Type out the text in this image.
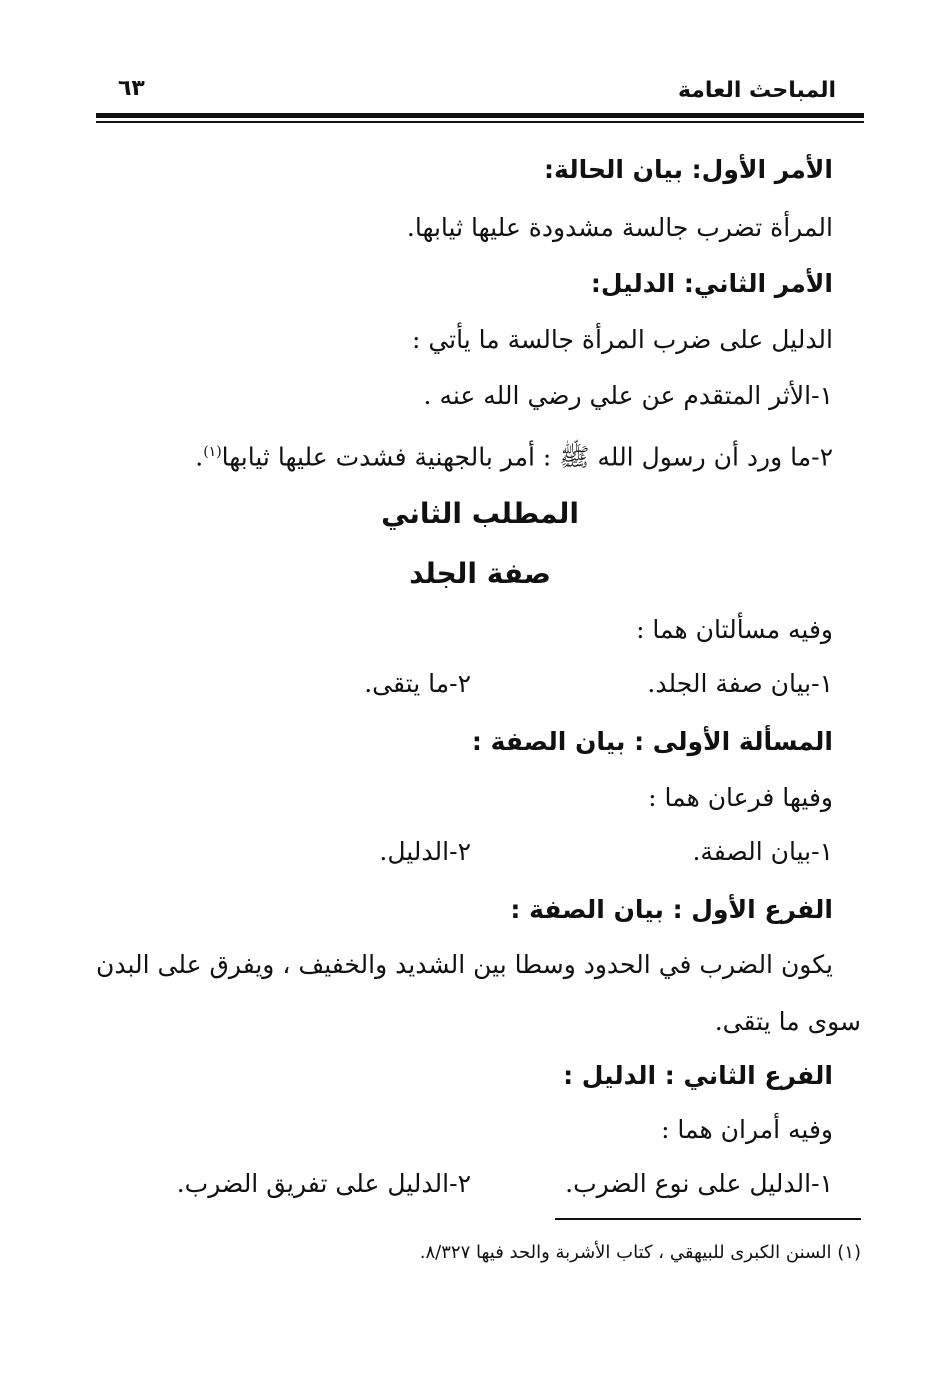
المباحث العامة
٦٣
الأمر الأول: بيان الحالة:
المرأة تضرب جالسة مشدودة عليها ثيابها.
الأمر الثاني: الدليل:
الدليل على ضرب المرأة جالسة ما يأتي :
١-الأثر المتقدم عن علي رضي الله عنه .
٢-ما ورد أن رسول الله ﷺ : أمر بالجهنية فشدت عليها ثيابها$^{(١)}$.
المطلب الثاني
صفة الجلد
وفيه مسألتان هما :
١-بيان صفة الجلد.
٢-ما يتقى.
المسألة الأولى : بيان الصفة :
وفيها فرعان هما :
١-بيان الصفة.
٢-الدليل.
الفرع الأول : بيان الصفة :
يكون الضرب في الحدود وسطا بين الشديد والخفيف ، ويفرق على البدن
سوى ما يتقى.
الفرع الثاني : الدليل :
وفيه أمران هما :
١-الدليل على نوع الضرب.
٢-الدليل على تفريق الضرب.
(١) السنن الكبرى للبيهقي ، كتاب الأشربة والحد فيها ٨/٣٢٧.
